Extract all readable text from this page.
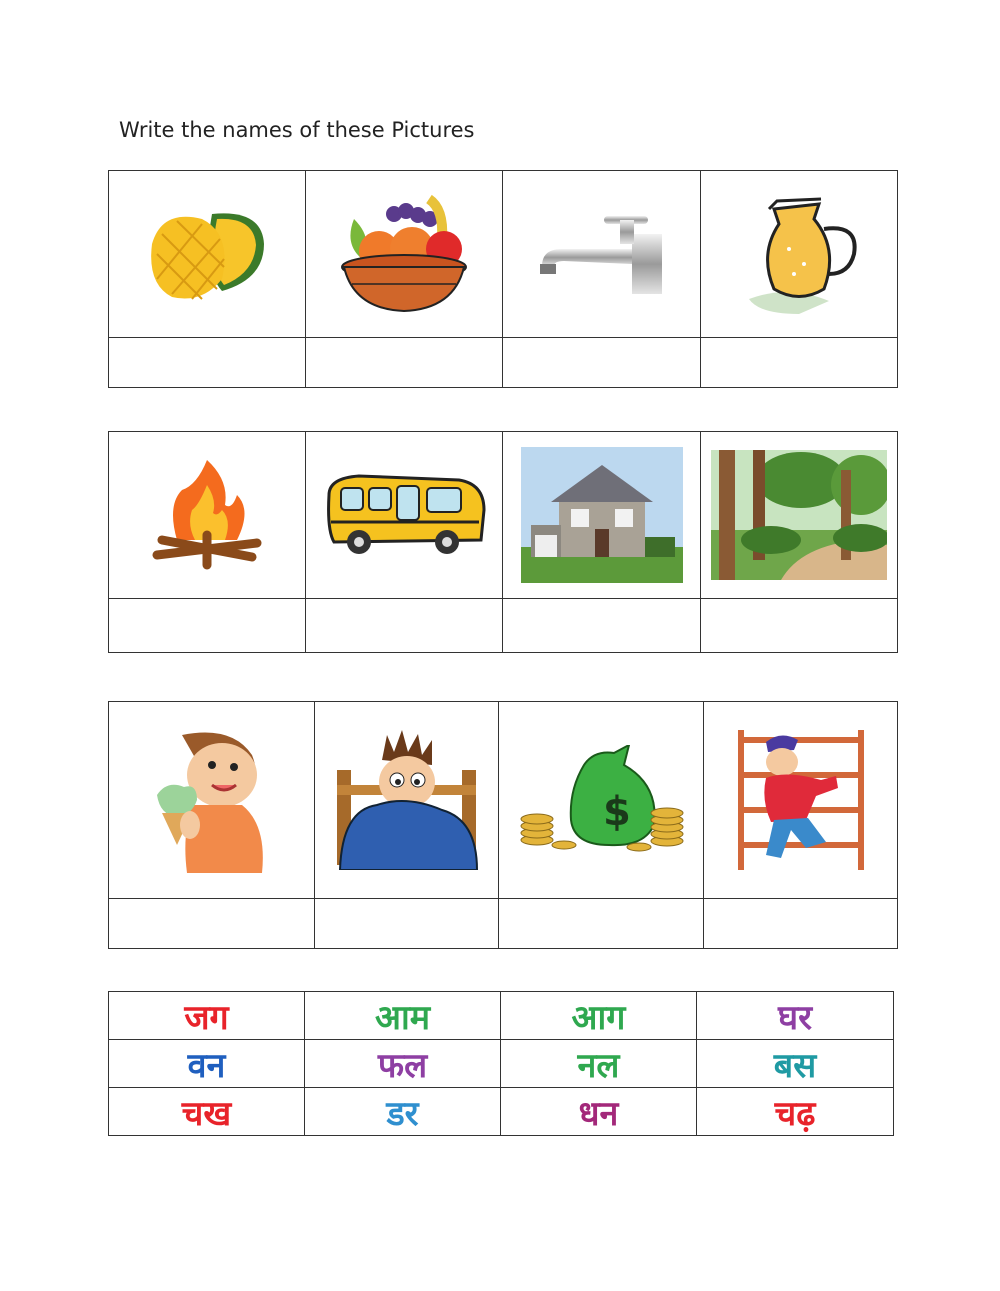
Write the names of these Pictures

$

जग	आम	आग	घर
वन	फल	नल	बस
चख	डर	धन	चढ़
